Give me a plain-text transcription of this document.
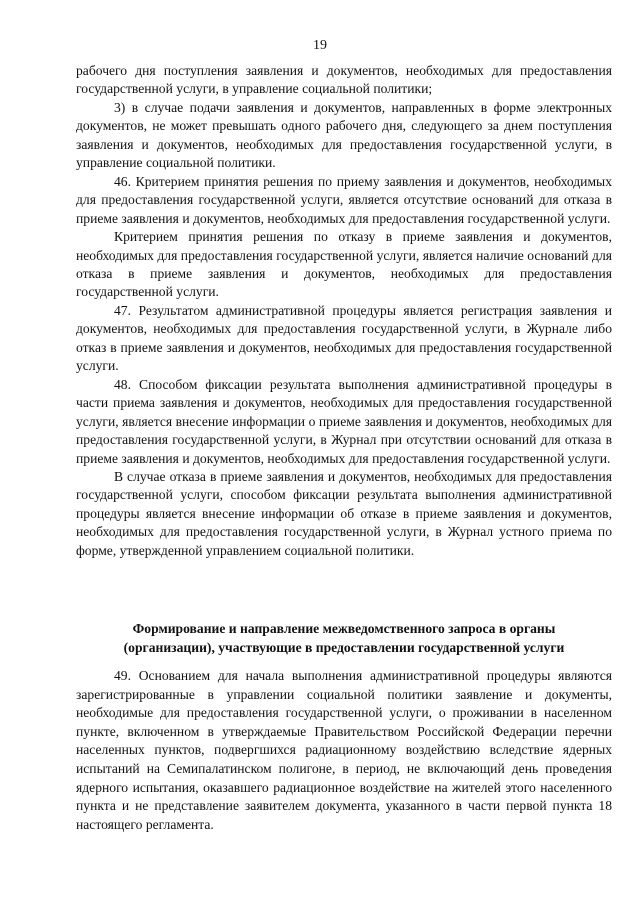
19

рабочего дня поступления заявления и документов, необходимых для предоставления государственной услуги, в управление социальной политики;

3) в случае подачи заявления и документов, направленных в форме электронных документов, не может превышать одного рабочего дня, следующего за днем поступления заявления и документов, необходимых для предоставления государственной услуги, в управление социальной политики.

46. Критерием принятия решения по приему заявления и документов, необходимых для предоставления государственной услуги, является отсутствие оснований для отказа в приеме заявления и документов, необходимых для предоставления государственной услуги.

Критерием принятия решения по отказу в приеме заявления и документов, необходимых для предоставления государственной услуги, является наличие оснований для отказа в приеме заявления и документов, необходимых для предоставления государственной услуги.

47. Результатом административной процедуры является регистрация заявления и документов, необходимых для предоставления государственной услуги, в Журнале либо отказ в приеме заявления и документов, необходимых для предоставления государственной услуги.

48. Способом фиксации результата выполнения административной процедуры в части приема заявления и документов, необходимых для предоставления государственной услуги, является внесение информации о приеме заявления и документов, необходимых для предоставления государственной услуги, в Журнал при отсутствии оснований для отказа в приеме заявления и документов, необходимых для предоставления государственной услуги.

В случае отказа в приеме заявления и документов, необходимых для предоставления государственной услуги, способом фиксации результата выполнения административной процедуры является внесение информации об отказе в приеме заявления и документов, необходимых для предоставления государственной услуги, в Журнал устного приема по форме, утвержденной управлением социальной политики.

Формирование и направление межведомственного запроса в органы
(организации), участвующие в предоставлении государственной услуги

49. Основанием для начала выполнения административной процедуры являются зарегистрированные в управлении социальной политики заявление и документы, необходимые для предоставления государственной услуги, о проживании в населенном пункте, включенном в утверждаемые Правительством Российской Федерации перечни населенных пунктов, подвергшихся радиационному воздействию вследствие ядерных испытаний на Семипалатинском полигоне, в период, не включающий день проведения ядерного испытания, оказавшего радиационное воздействие на жителей этого населенного пункта и не представление заявителем документа, указанного в части первой пункта 18 настоящего регламента.
